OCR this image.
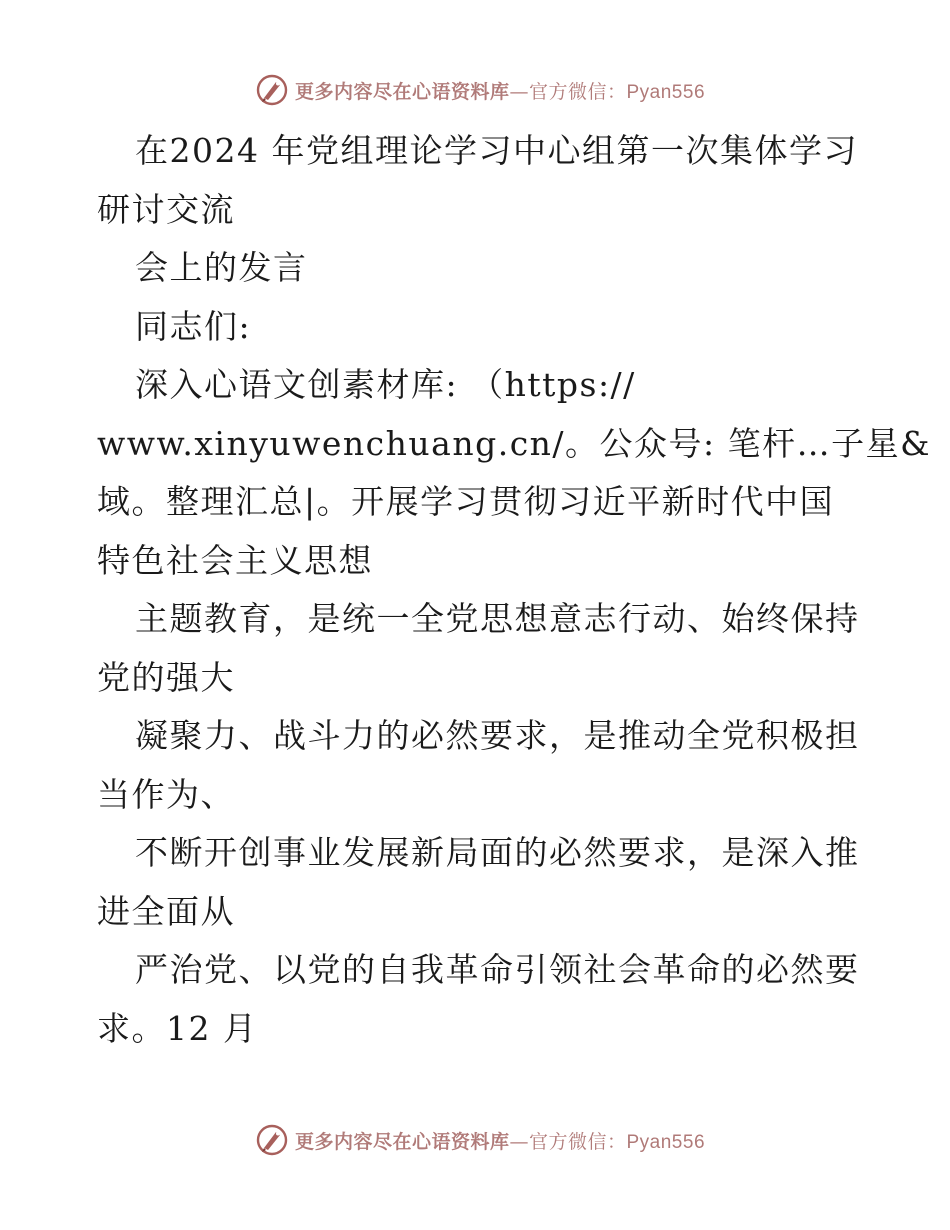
更多内容尽在心语资料库—官方微信：Pyan556
在2024 年党组理论学习中心组第一次集体学习
研讨交流
会上的发言
同志们:
深入心语文创素材库: （https://
www.xinyuwenchuang.cn/。公众号: 笔杆…子星&
域。整理汇总|。开展学习贯彻习近平新时代中国
特色社会主义思想
主题教育，是统一全党思想意志行动、始终保持
党的强大
凝聚力、战斗力的必然要求，是推动全党积极担
当作为、
不断开创事业发展新局面的必然要求，是深入推
进全面从
严治党、以党的自我革命引领社会革命的必然要
求。12 月
更多内容尽在心语资料库—官方微信：Pyan556
